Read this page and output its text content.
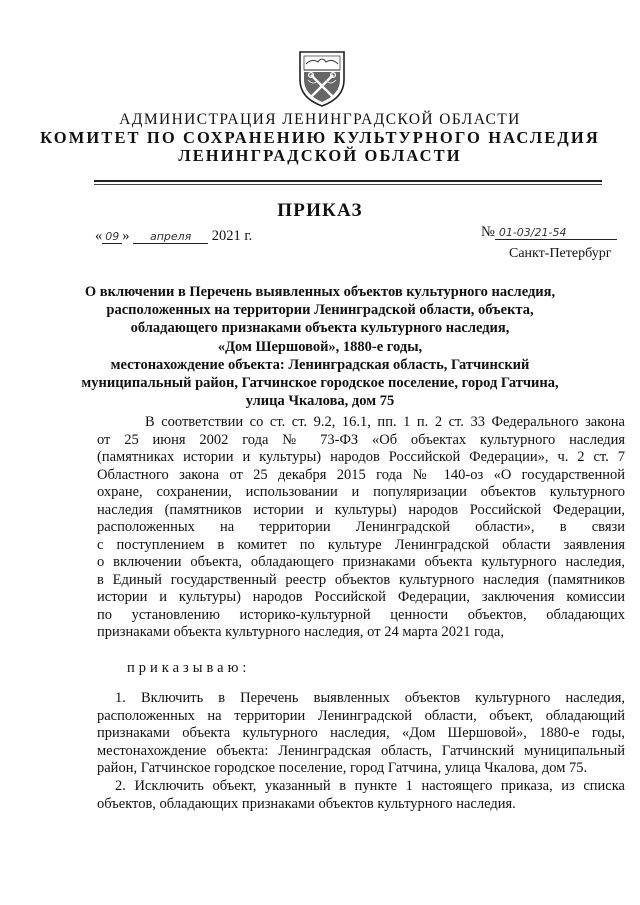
АДМИНИСТРАЦИЯ ЛЕНИНГРАДСКОЙ ОБЛАСТИ
КОМИТЕТ ПО СОХРАНЕНИЮ КУЛЬТУРНОГО НАСЛЕДИЯ
ЛЕНИНГРАДСКОЙ ОБЛАСТИ
ПРИКАЗ
« 09 » апреля 2021 г.	№ 01-03/21-54
Санкт-Петербург
О включении в Перечень выявленных объектов культурного наследия,
расположенных на территории Ленинградской области, объекта,
обладающего признаками объекта культурного наследия,
«Дом Шершовой», 1880-е годы,
местонахождение объекта: Ленинградская область, Гатчинский
муниципальный район, Гатчинское городское поселение, город Гатчина,
улица Чкалова, дом 75
В соответствии со ст. ст. 9.2, 16.1, пп. 1 п. 2 ст. 33 Федерального закона
от 25 июня 2002 года № 73-ФЗ «Об объектах культурного наследия
(памятниках истории и культуры) народов Российской Федерации», ч. 2 ст. 7
Областного закона от 25 декабря 2015 года № 140-оз «О государственной
охране, сохранении, использовании и популяризации объектов культурного
наследия (памятников истории и культуры) народов Российской Федерации,
расположенных на территории Ленинградской области», в связи
с поступлением в комитет по культуре Ленинградской области заявления
о включении объекта, обладающего признаками объекта культурного наследия,
в Единый государственный реестр объектов культурного наследия (памятников
истории и культуры) народов Российской Федерации, заключения комиссии
по установлению историко-культурной ценности объектов, обладающих
признаками объекта культурного наследия, от 24 марта 2021 года,
приказываю:
1. Включить в Перечень выявленных объектов культурного наследия,
расположенных на территории Ленинградской области, объект, обладающий
признаками объекта культурного наследия, «Дом Шершовой», 1880-е годы,
местонахождение объекта: Ленинградская область, Гатчинский муниципальный
район, Гатчинское городское поселение, город Гатчина, улица Чкалова, дом 75.
2. Исключить объект, указанный в пункте 1 настоящего приказа, из списка
объектов, обладающих признаками объектов культурного наследия.
